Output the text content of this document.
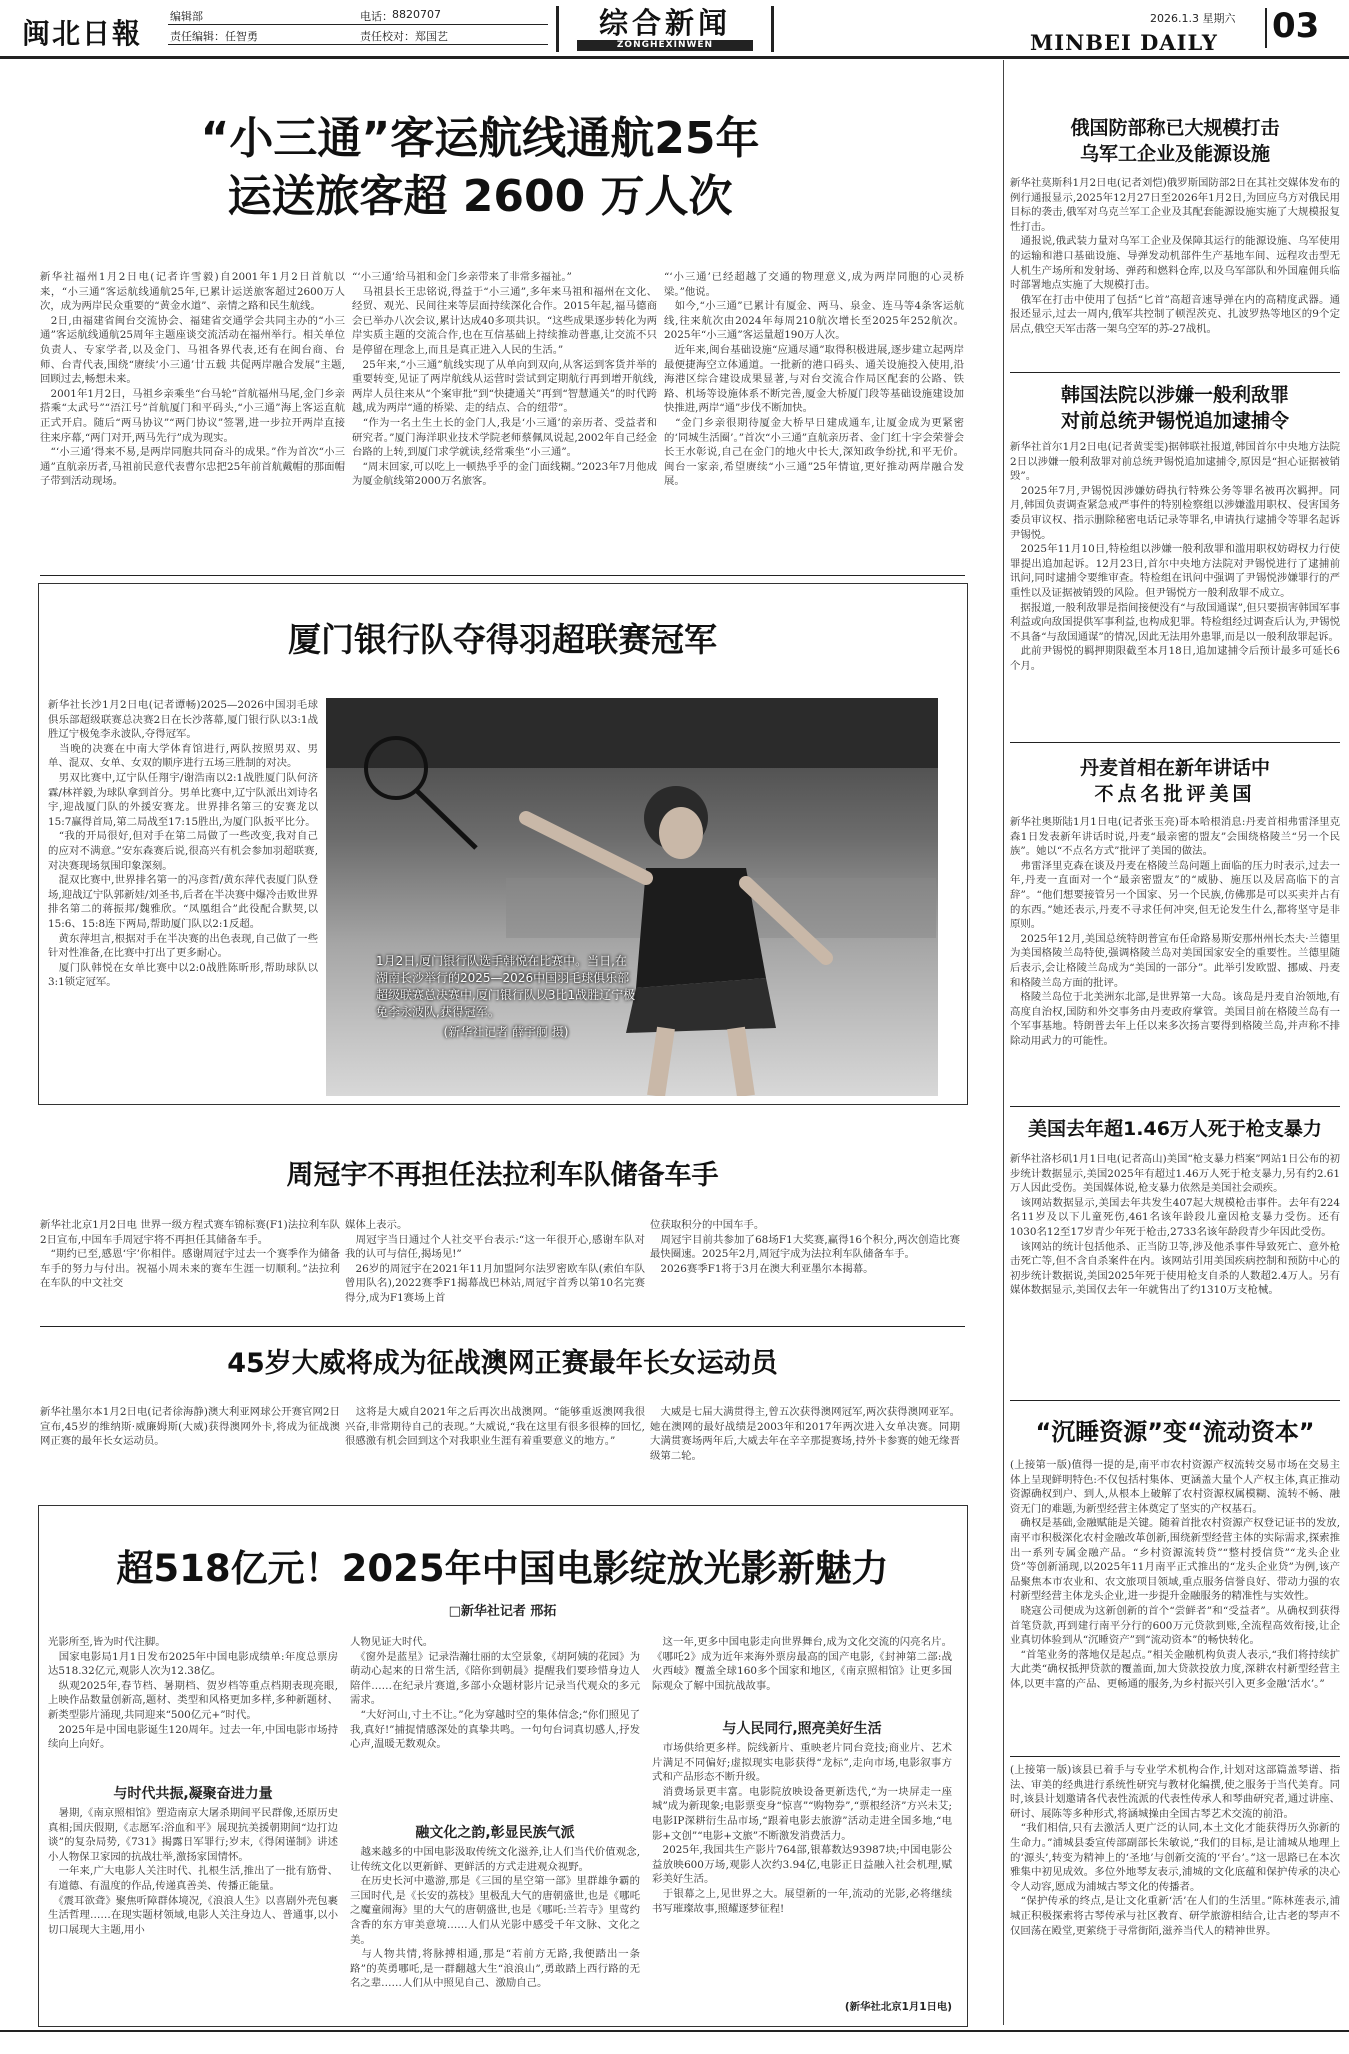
闽北日報
编辑部	电话： 8820707
责任编辑：任智勇	责任校对：郑国艺	综合新闻
ZONGHEXINWEN
2026.1.3 星期六
MINBEI DAILY 03

“小三通”客运航线通航25年

运送旅客超 2600 万人次

新华社福州1月2日电(记者许雪毅)自2001年1月2日首航以来，“小三通”客运航线通航25年,已累计运送旅客超过2600万人次，成为两岸民众重要的“黄金水道”、亲情之路和民生航线。
　2日,由福建省闽台交流协会、福建省交通学会共同主办的“小三通”客运航线通航25周年主题座谈交流活动在福州举行。相关单位负责人、专家学者,以及金门、马祖各界代表,还有在闽台商、台师、台青代表,围绕“赓续‘小三通’廿五载 共促两岸融合发展”主题,回顾过去,畅想未来。
　2001年1月2日，马祖乡亲乘坐“台马轮”首航福州马尾,金门乡亲搭乘“太武号”“浯江号”首航厦门和平码头,“小三通”海上客运直航正式开启。随后“两马协议”“两门协议”签署,进一步拉开两岸直接往来序幕,“两门对开,两马先行”成为现实。
　“‘小三通’得来不易,是两岸同胞共同奋斗的成果。”作为首次“小三通”直航亲历者,马祖前民意代表曹尔忠把25年前首航戴帽的那面帽子带到活动现场。

“‘小三通’给马祖和金门乡亲带来了非常多福祉。”
　马祖县长王忠铭说,得益于“小三通”,多年来马祖和福州在文化、经贸、观光、民间往来等层面持续深化合作。2015年起,福马德商会已举办八次会议,累计达成40多项共识。“这些成果逐步转化为两岸实质主题的交流合作,也在互信基础上持续推动普惠,让交流不只是停留在理念上,而且是真正进入人民的生活。”
　25年来,“小三通”航线实现了从单向到双向,从客运到客货并举的重要转变,见证了两岸航线从运营时尝试到定期航行再到增开航线,两岸人员往来从“个案审批”到“快捷通关”再到“智慧通关”的时代跨越,成为两岸“通的桥梁、走的结点、合的纽带”。
　“作为一名土生土长的金门人,我是‘小三通’的亲历者、受益者和研究者。”厦门海洋职业技术学院老师蔡佩凤说起,2002年自己经金台路的上转,到厦门求学就读,经常乘坐“小三通”。
　“周末回家,可以吃上一顿热乎乎的金门面线糊。”2023年7月他成为厦金航线第2000万名旅客。

“‘小三通’已经超越了交通的物理意义,成为两岸同胞的心灵桥梁。”他说。
　如今,“小三通”已累计有厦金、两马、泉金、连马等4条客运航线,往来航次由2024年每周210航次增长至2025年252航次。2025年“小三通”客运量超190万人次。
　近年来,闽台基础设施“应通尽通”取得积极进展,逐步建立起两岸最便捷海空立体通道。一批新的港口码头、通关设施投入使用,沿海港区综合建设成果显著,与对台交流合作局区配套的公路、铁路、机场等设施体系不断完善,厦金大桥厦门段等基础设施建设加快推进,两岸“通”步伐不断加快。
　“金门乡亲很期待厦金大桥早日建成通车,让厦金成为更紧密的‘同城生活圈’。”首次“小三通”直航亲历者、金门红十字会荣誉会长王水彰说,自己在金门的地火中长大,深知政争纷扰,和平无价。闽台一家亲,希望赓续“小三通”25年情谊,更好推动两岸融合发展。

厦门银行队夺得羽超联赛冠军

新华社长沙1月2日电(记者谭畅)2025—2026中国羽毛球俱乐部超级联赛总决赛2日在长沙落幕,厦门银行队以3:1战胜辽宁极兔李永波队,夺得冠军。
　当晚的决赛在中南大学体育馆进行,两队按照男双、男单、混双、女单、女双的顺序进行五场三胜制的对决。
　男双比赛中,辽宁队任翔宇/谢浩南以2:1战胜厦门队何济霖/林祥毅,为球队拿到首分。男单比赛中,辽宁队派出刘诗名宇,迎战厦门队的外援安赛龙。世界排名第三的安赛龙以15:7赢得首局,第二局战至17:15胜出,为厦门队扳平比分。
　“我的开局很好,但对手在第二局做了一些改变,我对自己的应对不满意。”安东森赛后说,很高兴有机会参加羽超联赛,对决赛现场氛围印象深刻。
　混双比赛中,世界排名第一的冯彦哲/黄东萍代表厦门队登场,迎战辽宁队郭新娃/刘圣书,后者在半决赛中爆冷击败世界排名第二的蒋振邦/魏雅欣。“凤凰组合”此役配合默契,以15:6、15:8连下两局,帮助厦门队以2:1反超。
　黄东萍坦言,根据对手在半决赛的出色表现,自己做了一些针对性准备,在比赛中打出了更多耐心。
　厦门队韩悦在女单比赛中以2:0战胜陈昕形,帮助球队以3:1锁定冠军。

1月2日,厦门银行队选手韩悦在比赛中。当日,在湖南长沙举行的2025—2026中国羽毛球俱乐部超级联赛总决赛中,厦门银行队以3比1战胜辽宁极兔李永波队,获得冠军。
(新华社记者 薛宇舸 摄)

周冠宇不再担任法拉利车队储备车手

新华社北京1月2日电 世界一级方程式赛车锦标赛(F1)法拉利车队2日宣布,中国车手周冠宇将不再担任其储备车手。
　“期约已至,感恩‘宇’你相伴。感谢周冠宇过去一个赛季作为储备车手的努力与付出。祝福小周未来的赛车生涯一切顺利。”法拉利在车队的中文社交

媒体上表示。
　周冠宇当日通过个人社交平台表示:“这一年很开心,感谢车队对我的认可与信任,揭场见!”
　26岁的周冠宇在2021年11月加盟阿尔法罗密欧车队(索伯车队曾用队名),2022赛季F1揭幕战巴林站,周冠宇首秀以第10名完赛得分,成为F1赛场上首

位获取积分的中国车手。
　周冠宇目前共参加了68场F1大奖赛,赢得16个积分,两次创造比赛最快圈速。2025年2月,周冠宇成为法拉利车队储备车手。
　2026赛季F1将于3月在澳大利亚墨尔本揭幕。

45岁大威将成为征战澳网正赛最年长女运动员

新华社墨尔本1月2日电(记者徐海静)澳大利亚网球公开赛官网2日宣布,45岁的维纳斯·威廉姆斯(大威)获得澳网外卡,将成为征战澳网正赛的最年长女运动员。

　这将是大威自2021年之后再次出战澳网。“能够重返澳网我很兴奋,非常期待自己的表现。”大威说,“我在这里有很多很棒的回忆,很感激有机会回到这个对我职业生涯有着重要意义的地方。”

　大威是七届大满贯得主,曾五次获得澳网冠军,两次获得澳网亚军。她在澳网的最好战绩是2003年和2017年两次进入女单决赛。同期大满贯赛场两年后,大威去年在辛辛那提赛场,持外卡参赛的她无缘晋级第二轮。

超518亿元！2025年中国电影绽放光影新魅力

□新华社记者 邢拓

光影所至,皆为时代注脚。
　国家电影局1月1日发布2025年中国电影成绩单:年度总票房达518.32亿元,观影人次为12.38亿。
　纵观2025年,春节档、暑期档、贺岁档等重点档期表现亮眼,上映作品数量创新高,题材、类型和风格更加多样,多种新题材、新类型影片涌现,共同迎来“500亿元+”时代。
　2025年是中国电影诞生120周年。过去一年,中国电影市场持续向上向好。

与时代共振,凝聚奋进力量

　暑期,《南京照相馆》塑造南京大屠杀期间平民群像,还原历史真相;国庆假期,《志愿军:浴血和平》展现抗美援朝期间“边打边谈”的复杂局势,《731》揭露日军罪行;岁末,《得闲谨制》讲述小人物保卫家园的抗战壮举,激扬家国情怀。
　一年来,广大电影人关注时代、扎根生活,推出了一批有筋骨、有道德、有温度的作品,传递真善美、传播正能量。
　《震耳欲聋》聚焦听障群体境况,《浪浪人生》以喜剧外壳包裹生活哲理……在现实题材领域,电影人关注身边人、普通事,以小切口展现大主题,用小

人物见证大时代。
　《窗外是蓝星》记录浩瀚壮丽的太空景象,《胡阿姨的花园》为萌动心起来的日常生活,《陪你到朝晨》提醒我们要珍惜身边人陪伴……在纪录片赛道,多部小众题材影片记录当代观众的多元需求。
　“大好河山,寸土不让。”化为穿越时空的集体信念;“你们照见了我,真好!”捕捉情感深处的真挚共鸣。一句句台词真切感人,抒发心声,温暖无数观众。

融文化之韵,彰显民族气派

　越来越多的中国电影汲取传统文化滋养,让人们当代价值观念,让传统文化以更新鲜、更鲜活的方式走进观众视野。
　在历史长河中遨游,那是《三国的星空第一部》里群雄争霸的三国时代,是《长安的荔枝》里极乱大气的唐朝盛世,也是《哪吒之魔童闹海》里的大气的唐朝盛世,也是《哪吒:兰若寺》里莺约含香的东方审美意境……人们从光影中感受千年文脉、文化之美。
　与人物共情,将脉搏相通,那是“若前方无路,我便踏出一条路”的英勇哪吒,是一群翻越大生“浪浪山”,勇敢踏上西行路的无名之辈……人们从中照见自己、激励自己。

　这一年,更多中国电影走向世界舞台,成为文化交流的闪亮名片。《哪吒2》成为近年来海外票房最高的国产电影,《封神第二部:战火西岐》覆盖全球160多个国家和地区,《南京照相馆》让更多国际观众了解中国抗战故事。

与人民同行,照亮美好生活

　市场供给更多样。院线新片、重映老片同台竞技;商业片、艺术片满足不同偏好;虚拟现实电影获得“龙标”,走向市场,电影叙事方式和产品形态不断升级。
　消费场景更丰富。电影院放映设备更新迭代,“为一块屏走一座城”成为新现象;电影票变身“惊喜”“购物券”,“票根经济”方兴未艾;电影IP深耕衍生品市场,“跟着电影去旅游”活动走进全国多地,“电影+文创”“电影+文旅”不断激发消费活力。
　2025年,我国共生产影片764部,银幕数达93987块;中国电影公益放映600万场,观影人次约3.94亿,电影正日益融入社会机理,赋彩美好生活。
　于银幕之上,见世界之大。展望新的一年,流动的光影,必将继续书写璀璨故事,照耀逐梦征程!

(新华社北京1月1日电)

俄国防部称已大规模打击

乌军工企业及能源设施

新华社莫斯科1月2日电(记者刘恺)俄罗斯国防部2日在其社交媒体发布的例行通报显示,2025年12月27日至2026年1月2日,为回应乌方对俄民用目标的袭击,俄军对乌克兰军工企业及其配套能源设施实施了大规模报复性打击。
　通报说,俄武装力量对乌军工企业及保障其运行的能源设施、乌军使用的运输和港口基础设施、导弹发动机部件生产基地车间、远程攻击型无人机生产场所和发射场、弹药和燃料仓库,以及乌军部队和外国雇佣兵临时部署地点实施了大规模打击。
　俄军在打击中使用了包括“匕首”高超音速导弹在内的高精度武器。通报还显示,过去一周内,俄军共控制了顿涅茨克、扎波罗热等地区的9个定居点,俄空天军击落一架乌空军的苏-27战机。

韩国法院以涉嫌一般利敌罪

对前总统尹锡悦追加逮捕令

新华社首尔1月2日电(记者黄雯雯)据韩联社报道,韩国首尔中央地方法院2日以涉嫌一般利敌罪对前总统尹锡悦追加逮捕令,原因是“担心证据被销毁”。
　2025年7月,尹锡悦因涉嫌妨碍执行特殊公务等罪名被再次羁押。同月,韩国负责调查紧急戒严事件的特别检察组以涉嫌滥用职权、侵害国务委员审议权、指示删除秘密电话记录等罪名,申请执行逮捕令等罪名起诉尹锡悦。
　2025年11月10日,特检组以涉嫌一般利敌罪和滥用职权妨碍权力行使罪提出追加起诉。12月23日,首尔中央地方法院对尹锡悦进行了逮捕前讯问,同时逮捕令要维审查。特检组在讯问中强调了尹锡悦涉嫌罪行的严重性以及证据被销毁的风险。但尹锡悦方一般利敌罪不成立。
　据报道,一般利敌罪是指间接便没有“与敌国通谋”,但只要损害韩国军事利益或向敌国提供军事利益,也构成犯罪。特检组经过调查后认为,尹锡悦不具备“与敌国通谋”的情况,因此无法用外患罪,而是以一般利敌罪起诉。
　此前尹锡悦的羁押期限截至本月18日,追加逮捕令后预计最多可延长6个月。

丹麦首相在新年讲话中

不点名批评美国

新华社奥斯陆1月1日电(记者张玉亮)哥本哈根消息:丹麦首相弗雷泽里克森1日发表新年讲话时说,丹麦“最亲密的盟友”会围绕格陵兰“另一个民族”。她以“不点名方式”批评了美国的做法。
　弗雷泽里克森在谈及丹麦在格陵兰岛问题上面临的压力时表示,过去一年,丹麦一直面对一个“最亲密盟友”的“威胁、施压以及居高临下的言辞”。“他们想要接管另一个国家、另一个民族,仿佛那是可以买卖并占有的东西。”她还表示,丹麦不寻求任何冲突,但无论发生什么,都将坚守是非原则。
　2025年12月,美国总统特朗普宣布任命路易斯安那州州长杰夫·兰德里为美国格陵兰岛特使,强调格陵兰岛对美国国家安全的重要性。兰德里随后表示,会让格陵兰岛成为“美国的一部分”。此举引发欧盟、挪威、丹麦和格陵兰岛方面的批评。
　格陵兰岛位于北美洲东北部,是世界第一大岛。该岛是丹麦自治领地,有高度自治权,国防和外交事务由丹麦政府掌管。美国目前在格陵兰岛有一个军事基地。特朗普去年上任以来多次扬言要得到格陵兰岛,并声称不排除动用武力的可能性。

美国去年超1.46万人死于枪支暴力

新华社洛杉矶1月1日电(记者高山)美国“枪支暴力档案”网站1日公布的初步统计数据显示,美国2025年有超过1.46万人死于枪支暴力,另有约2.61万人因此受伤。美国媒体说,枪支暴力依然是美国社会顽疾。
　该网站数据显示,美国去年共发生407起大规模枪击事件。去年有224名11岁及以下儿童死伤,461名该年龄段儿童因枪支暴力受伤。还有1030名12至17岁青少年死于枪击,2733名该年龄段青少年因此受伤。
　该网站的统计包括他杀、正当防卫等,涉及他杀事件导致死亡、意外枪击死亡等,但不含自杀案件在内。该网站引用美国疾病控制和预防中心的初步统计数据说,美国2025年死于使用枪支自杀的人数超2.4万人。另有媒体数据显示,美国仅去年一年就售出了约1310万支枪械。

“沉睡资源”变“流动资本”

(上接第一版)值得一提的是,南平市农村资源产权流转交易市场在交易主体上呈现鲜明特色:不仅包括村集体、更涵盖大量个人产权主体,真正推动资源确权到户、到人,从根本上破解了农村资源权属模糊、流转不畅、融资无门的难题,为新型经营主体奠定了坚实的产权基石。
　确权是基础,金融赋能是关键。随着首批农村资源产权登记证书的发放,南平市积极深化农村金融改革创新,围绕新型经营主体的实际需求,探索推出一系列专属金融产品。“乡村资源流转贷”“整村授信贷”“龙头企业贷”等创新涌现,以2025年11月南平正式推出的“龙头企业贷”为例,该产品聚焦本市农业和、农文旅项目领域,重点服务信誉良好、带动力强的农村新型经营主体龙头企业,进一步提升金融服务的精准性与实效性。
　晓寇公司便成为这新创新的首个“尝鲜者”和“受益者”。从确权到获得首笔贷款,再到建行南平分行的600万元贷款到账,全流程高效衔接,让企业真切体验到从“沉睡资产”到“流动资本”的畅快转化。
　“首笔业务的落地仅是起点。”相关金融机构负责人表示,“我们将持续扩大此类“确权抵押贷款的覆盖面,加大贷款投放力度,深耕农村新型经营主体,以更丰富的产品、更畅通的服务,为乡村振兴引入更多金融‘活水’。”

(上接第一版)该县已着手与专业学术机构合作,计划对这部篇盖琴谱、指法、审美的经典进行系统性研究与教材化编撰,使之服务于当代美育。同时,该县计划邀请各代表性流派的代表性传承人和琴曲研究者,通过讲座、研讨、展陈等多种形式,将涵城操由全国古琴艺术交流的前沿。
　“我们相信,只有去激活人更广泛的认同,本土文化才能获得历久弥新的生命力。”浦城县委宣传部副部长朱敏说,“我们的目标,是让浦城从地理上的‘源头’,转变为精神上的‘圣地’与创新交流的‘平台’。”这一思路已在本次雅集中初见成效。多位外地琴友表示,浦城的文化底蕴和保护传承的决心令人动容,愿成为浦城古琴文化的传播者。
　“保护传承的终点,是让文化重新‘活’在人们的生活里。”陈林莲表示,浦城正积极探索将古琴传承与社区教育、研学旅游相结合,让古老的琴声不仅回荡在殿堂,更萦绕于寻常街陌,滋养当代人的精神世界。
